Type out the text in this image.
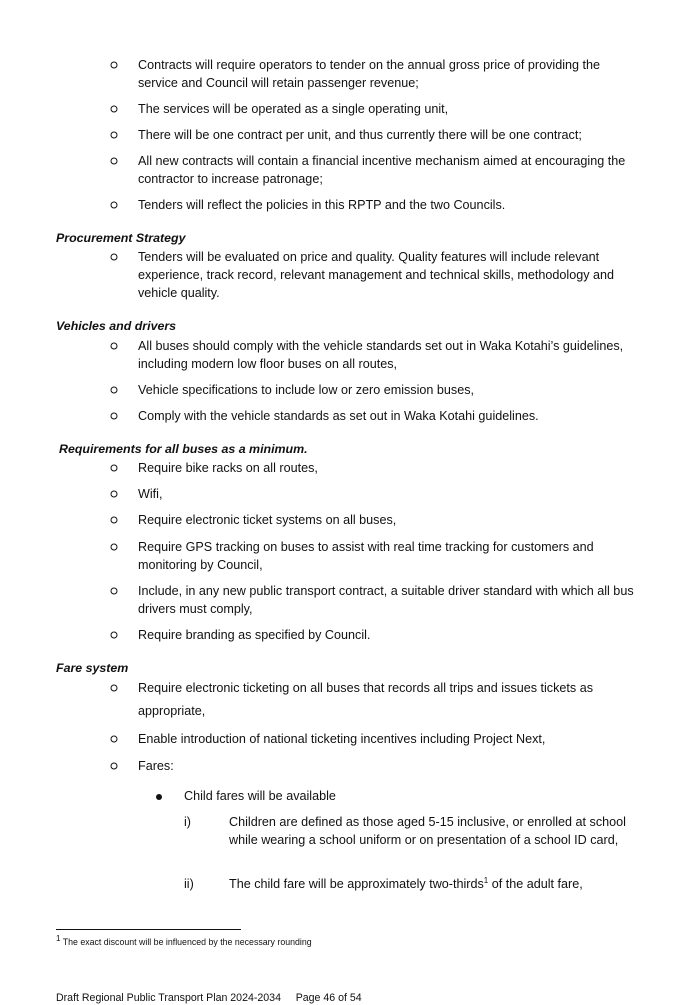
Contracts will require operators to tender on the annual gross price of providing the service and Council will retain passenger revenue;
The services will be operated as a single operating unit,
There will be one contract per unit, and thus currently there will be one contract;
All new contracts will contain a financial incentive mechanism aimed at encouraging the contractor to increase patronage;
Tenders will reflect the policies in this RPTP and the two Councils.
Procurement Strategy
Tenders will be evaluated on price and quality. Quality features will include relevant experience, track record, relevant management and technical skills, methodology and vehicle quality.
Vehicles and drivers
All buses should comply with the vehicle standards set out in Waka Kotahi’s guidelines, including modern low floor buses on all routes,
Vehicle specifications to include low or zero emission buses,
Comply with the vehicle standards as set out in Waka Kotahi guidelines.
Requirements for all buses as a minimum.
Require bike racks on all routes,
Wifi,
Require electronic ticket systems on all buses,
Require GPS tracking on buses to assist with real time tracking for customers and monitoring by Council,
Include, in any new public transport contract, a suitable driver standard with which all bus drivers must comply,
Require branding as specified by Council.
Fare system
Require electronic ticketing on all buses that records all trips and issues tickets as appropriate,
Enable introduction of national ticketing incentives including Project Next,
Fares:
Child fares will be available
i)	Children are defined as those aged 5-15 inclusive, or enrolled at school while wearing a school uniform or on presentation of a school ID card,
ii)	The child fare will be approximately two-thirds$^1$ of the adult fare,
$^1$ The exact discount will be influenced by the necessary rounding
Draft Regional Public Transport Plan 2024-2034 Page 46 of 54
